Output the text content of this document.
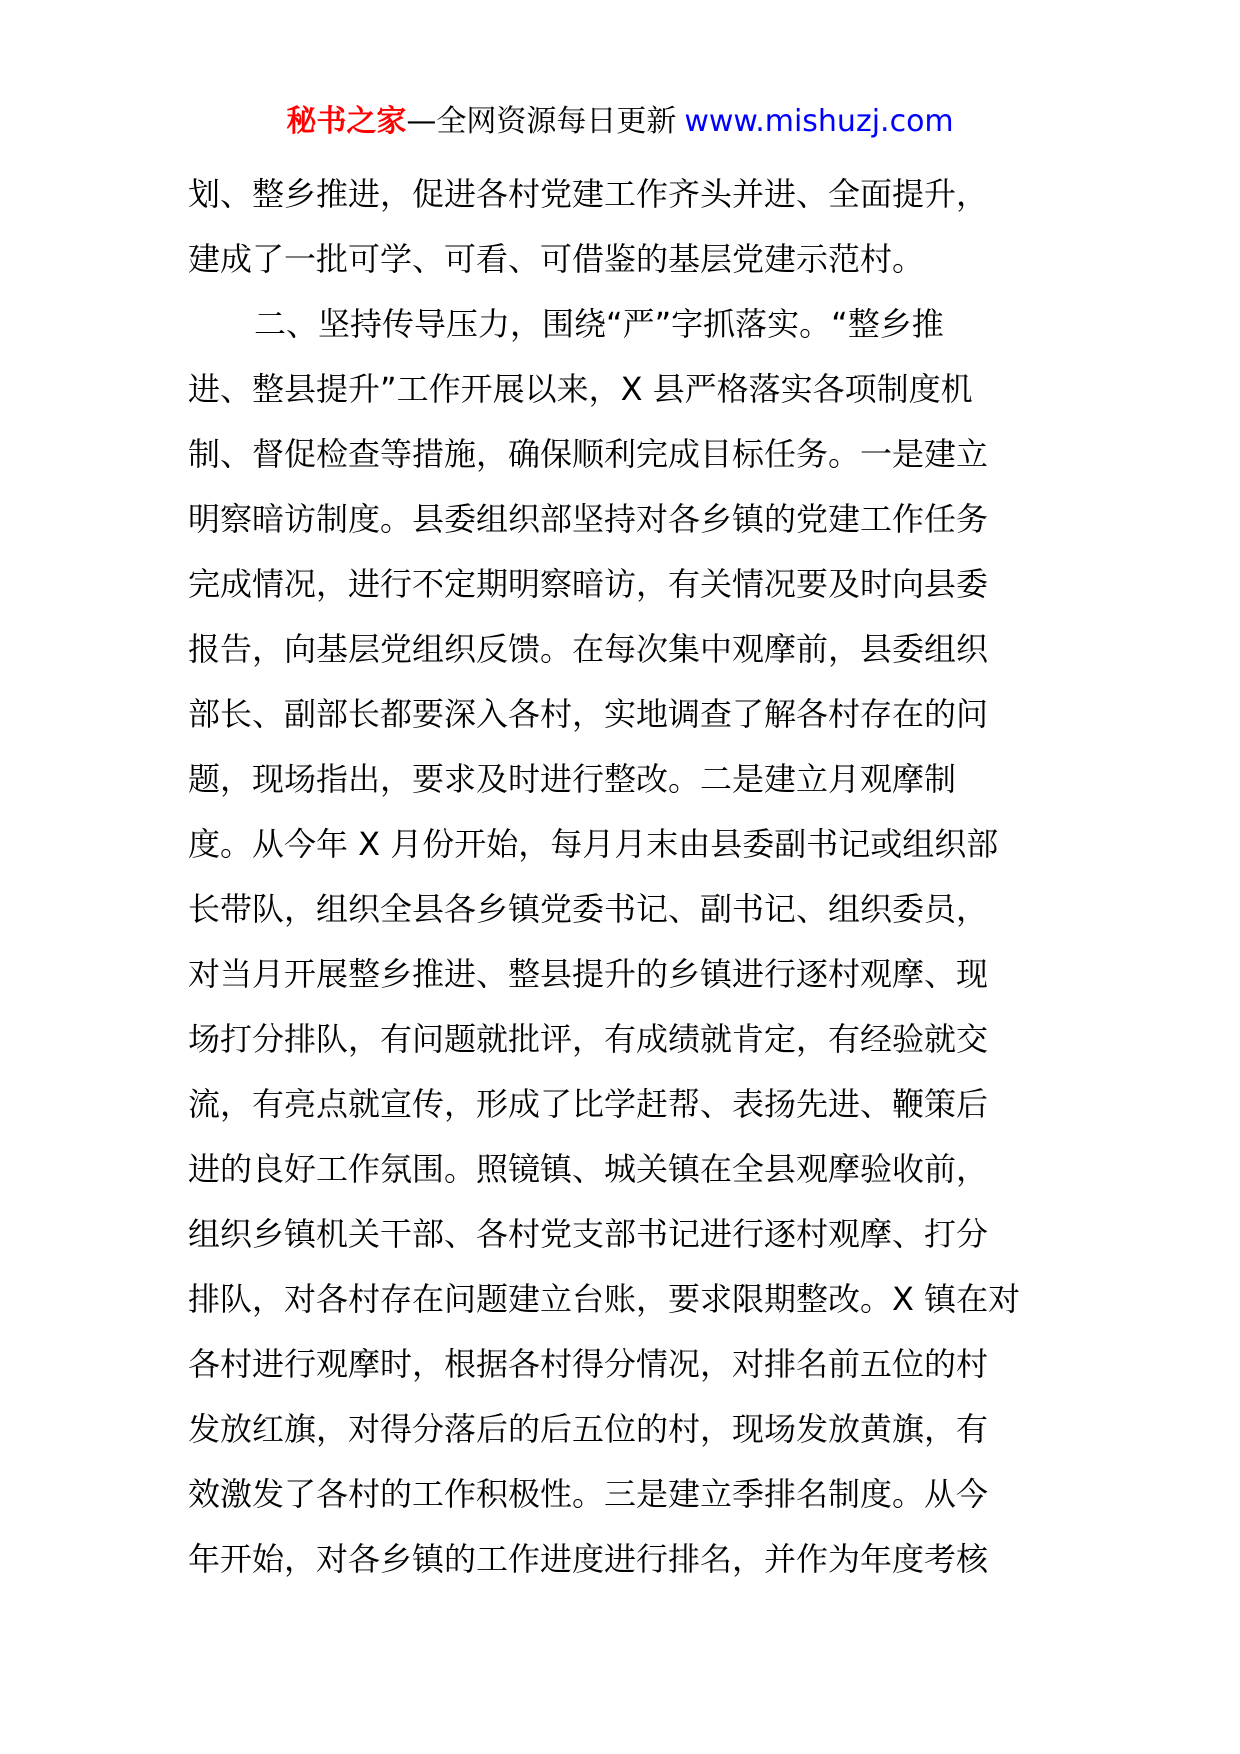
秘书之家—全网资源每日更新 www.mishuzj.com
划、整乡推进，促进各村党建工作齐头并进、全面提升，
建成了一批可学、可看、可借鉴的基层党建示范村。
二、坚持传导压力，围绕“严”字抓落实。“整乡推
进、整县提升”工作开展以来，X 县严格落实各项制度机
制、督促检查等措施，确保顺利完成目标任务。一是建立
明察暗访制度。县委组织部坚持对各乡镇的党建工作任务
完成情况，进行不定期明察暗访，有关情况要及时向县委
报告，向基层党组织反馈。在每次集中观摩前，县委组织
部长、副部长都要深入各村，实地调查了解各村存在的问
题，现场指出，要求及时进行整改。二是建立月观摩制
度。从今年 X 月份开始，每月月末由县委副书记或组织部
长带队，组织全县各乡镇党委书记、副书记、组织委员，
对当月开展整乡推进、整县提升的乡镇进行逐村观摩、现
场打分排队，有问题就批评，有成绩就肯定，有经验就交
流，有亮点就宣传，形成了比学赶帮、表扬先进、鞭策后
进的良好工作氛围。照镜镇、城关镇在全县观摩验收前，
组织乡镇机关干部、各村党支部书记进行逐村观摩、打分
排队，对各村存在问题建立台账，要求限期整改。X 镇在对
各村进行观摩时，根据各村得分情况，对排名前五位的村
发放红旗，对得分落后的后五位的村，现场发放黄旗，有
效激发了各村的工作积极性。三是建立季排名制度。从今
年开始，对各乡镇的工作进度进行排名，并作为年度考核
